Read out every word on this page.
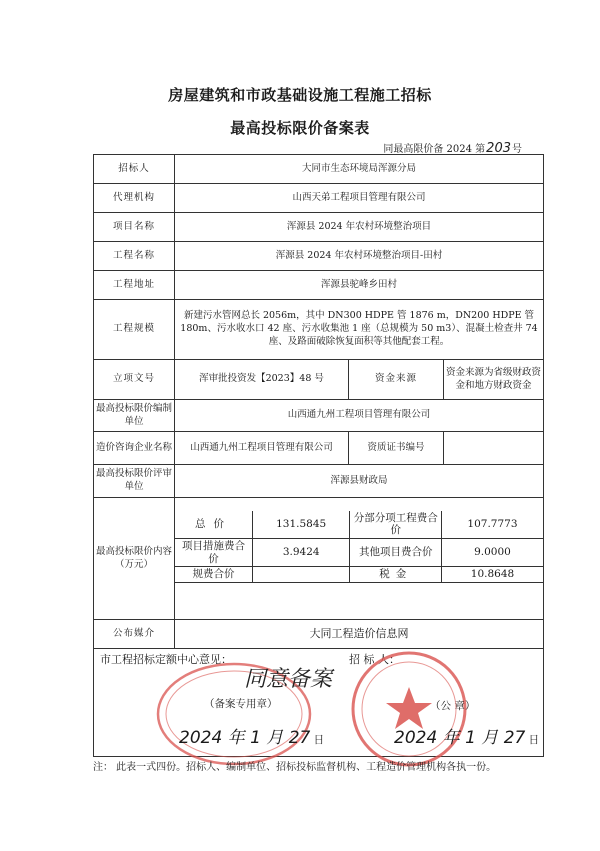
房屋建筑和市政基础设施工程施工招标
最高投标限价备案表
同最高限价备 2024 第203号
招标人	大同市生态环境局浑源分局
代理机构	山西天弟工程项目管理有限公司
项目名称	浑源县 2024 年农村环境整治项目
工程名称	浑源县 2024 年农村环境整治项目-田村
工程地址	浑源县驼峰乡田村
工程规模	新建污水管网总长 2056m，其中 DN300 HDPE 管 1876 m，DN200 HDPE 管 180m、污水收水口 42 座、污水收集池 1 座（总规模为 50 m3）、混凝土检查井 74 座、及路面破除恢复面积等其他配套工程。
立项文号	浑审批投资发【2023】48 号	资金来源	资金来源为省级财政资金和地方财政资金
最高投标限价编制单位	山西通九州工程项目管理有限公司
造价咨询企业名称	山西通九州工程项目管理有限公司	资质证书编号	
最高投标限价评审单位	浑源县财政局
最高投标限价内容（万元）	
总价	131.5845	分部分项工程费合价	107.7773
项目措施费合价	3.9424	其他项目费合价	9.0000
规费合价		税金	10.8648

公布媒介	大同工程造价信息网

市工程招标定额中心意见：	招 标 人：
同意备案
（备案专用章）	（公 章）
2024 年 1 月 27 日	2024 年 1 月 27 日
注： 此表一式四份。招标人、编制单位、招标投标监督机构、工程造价管理机构各执一份。
